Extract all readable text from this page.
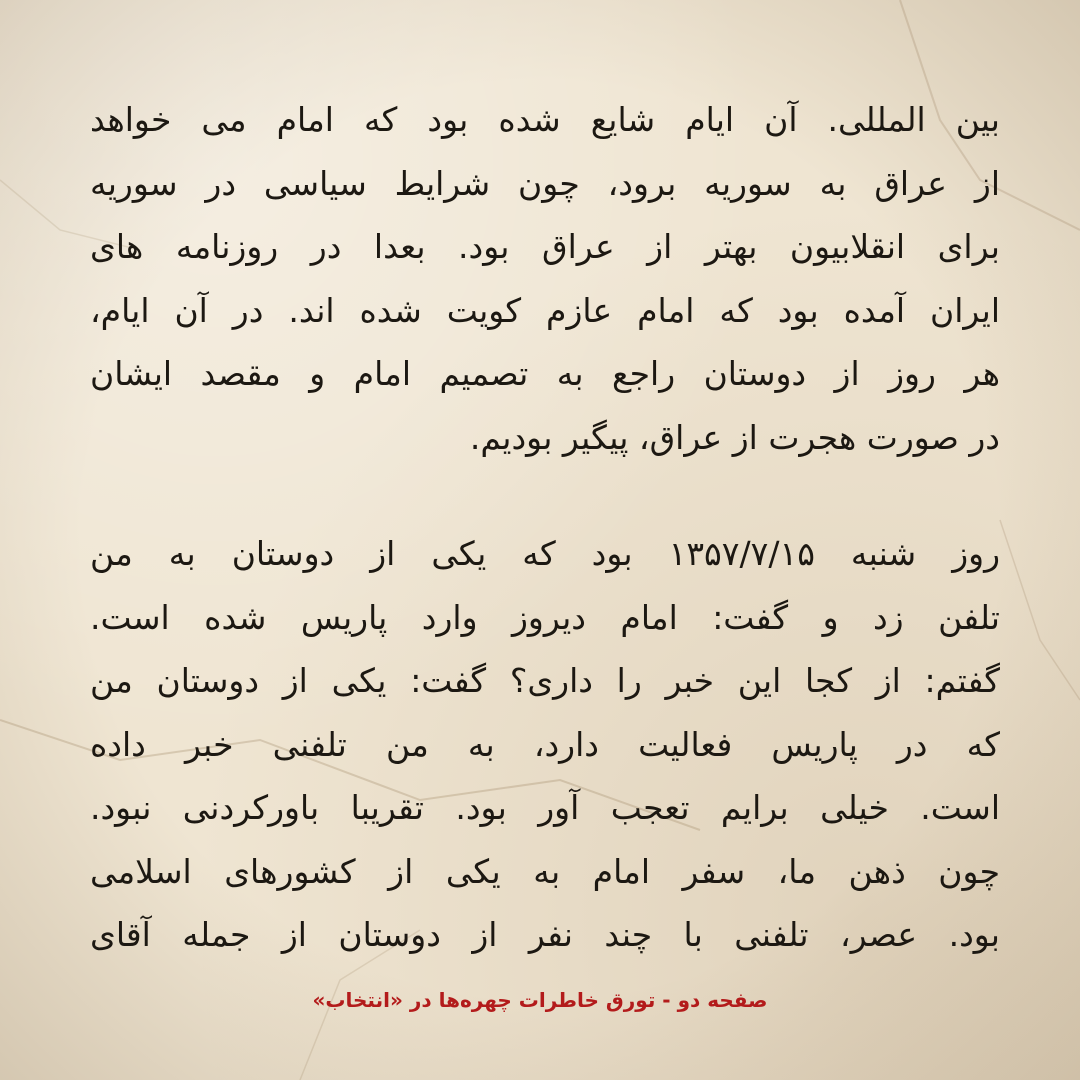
بین المللی. آن ایام شایع شده بود که امام می خواهد
از عراق به سوریه برود، چون شرایط سیاسی در سوریه
برای انقلابیون بهتر از عراق بود. بعدا در روزنامه های
ایران آمده بود که امام عازم کویت شده اند. در آن ایام،
هر روز از دوستان راجع به تصمیم امام و مقصد ایشان
در صورت هجرت از عراق، پیگیر بودیم.

روز شنبه ۱۳۵۷/۷/۱۵ بود که یکی از دوستان به من
تلفن زد و گفت: امام دیروز وارد پاریس شده است.
گفتم: از کجا این خبر را داری؟ گفت: یکی از دوستان من
که در پاریس فعالیت دارد، به من تلفنی خبر داده
است. خیلی برایم تعجب آور بود. تقریبا باورکردنی نبود.
چون ذهن ما، سفر امام به یکی از کشورهای اسلامی
بود. عصر، تلفنی با چند نفر از دوستان از جمله آقای

صفحه دو - تورق خاطرات چهره‌ها در «انتخاب»
